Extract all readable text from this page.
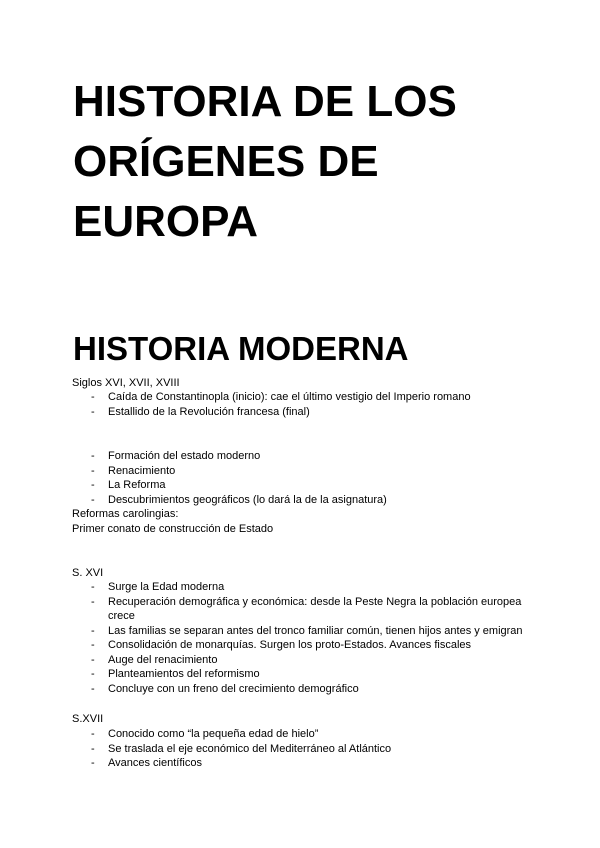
HISTORIA DE LOS
ORÍGENES DE
EUROPA
HISTORIA MODERNA
Siglos XVI, XVII, XVIII
- Caída de Constantinopla (inicio): cae el último vestigio del Imperio romano
- Estallido de la Revolución francesa (final)
- Formación del estado moderno
- Renacimiento
- La Reforma
- Descubrimientos geográficos (lo dará la de la asignatura)
Reformas carolingias:
Primer conato de construcción de Estado
S. XVI
- Surge la Edad moderna
- Recuperación demográfica y económica: desde la Peste Negra la población europea crece
- Las familias se separan antes del tronco familiar común, tienen hijos antes y emigran
- Consolidación de monarquías. Surgen los proto-Estados. Avances fiscales
- Auge del renacimiento
- Planteamientos del reformismo
- Concluye con un freno del crecimiento demográfico
S.XVII
- Conocido como “la pequeña edad de hielo”
- Se traslada el eje económico del Mediterráneo al Atlántico
- Avances científicos
